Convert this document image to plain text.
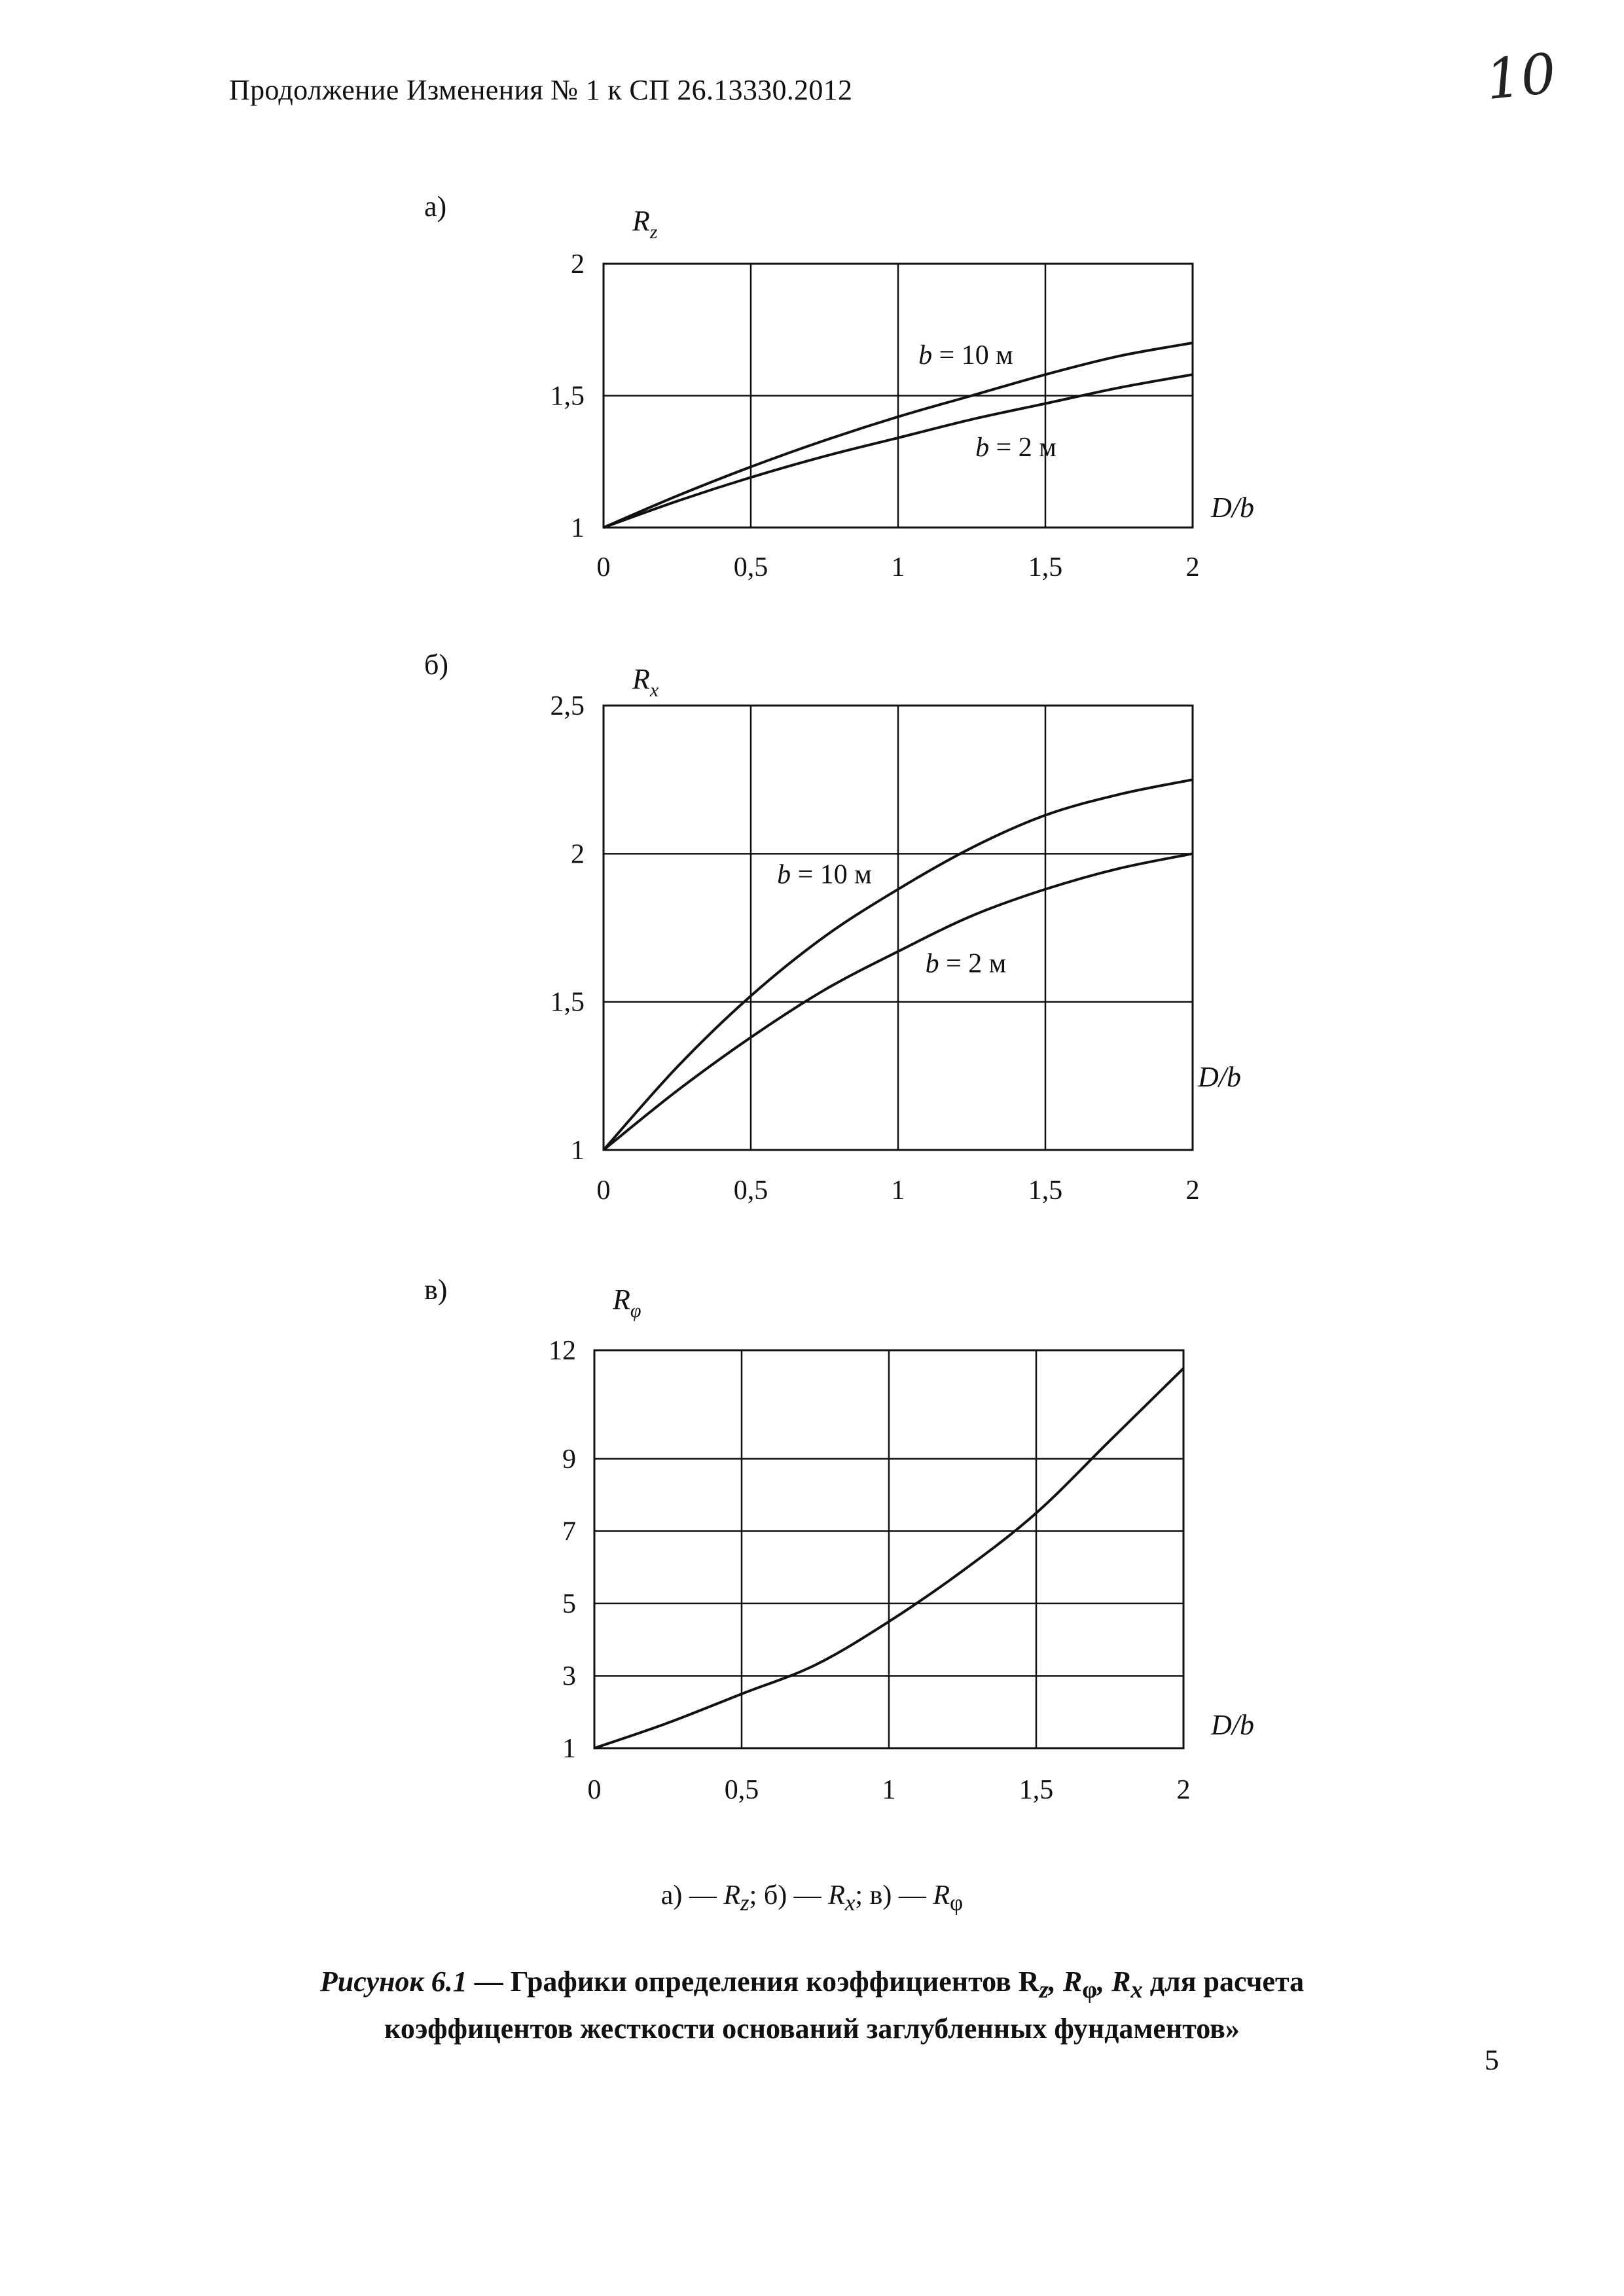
Продолжение Изменения № 1 к СП 26.13330.2012	10
а)
б)
в)
0	0,5	1	1,5	2
1
1,5
2
$R_z$
D/b
b = 10 м
b = 2 м
0	0,5	1	1,5	2
1
1,5
2
2,5
$R_x$
D/b
b = 10 м
b = 2 м
0	0,5	1	1,5	2
1
3
5
7
9
12
$R_\varphi$
D/b
а) — $R_z$; б) — $R_x$; в) — $R_\varphi$
Рисунок 6.1 — Графики определения коэффициентов $R_z$, $R_\varphi$, $R_x$ для расчета
коэффицентов жесткости оснований заглубленных фундаментов»
5
